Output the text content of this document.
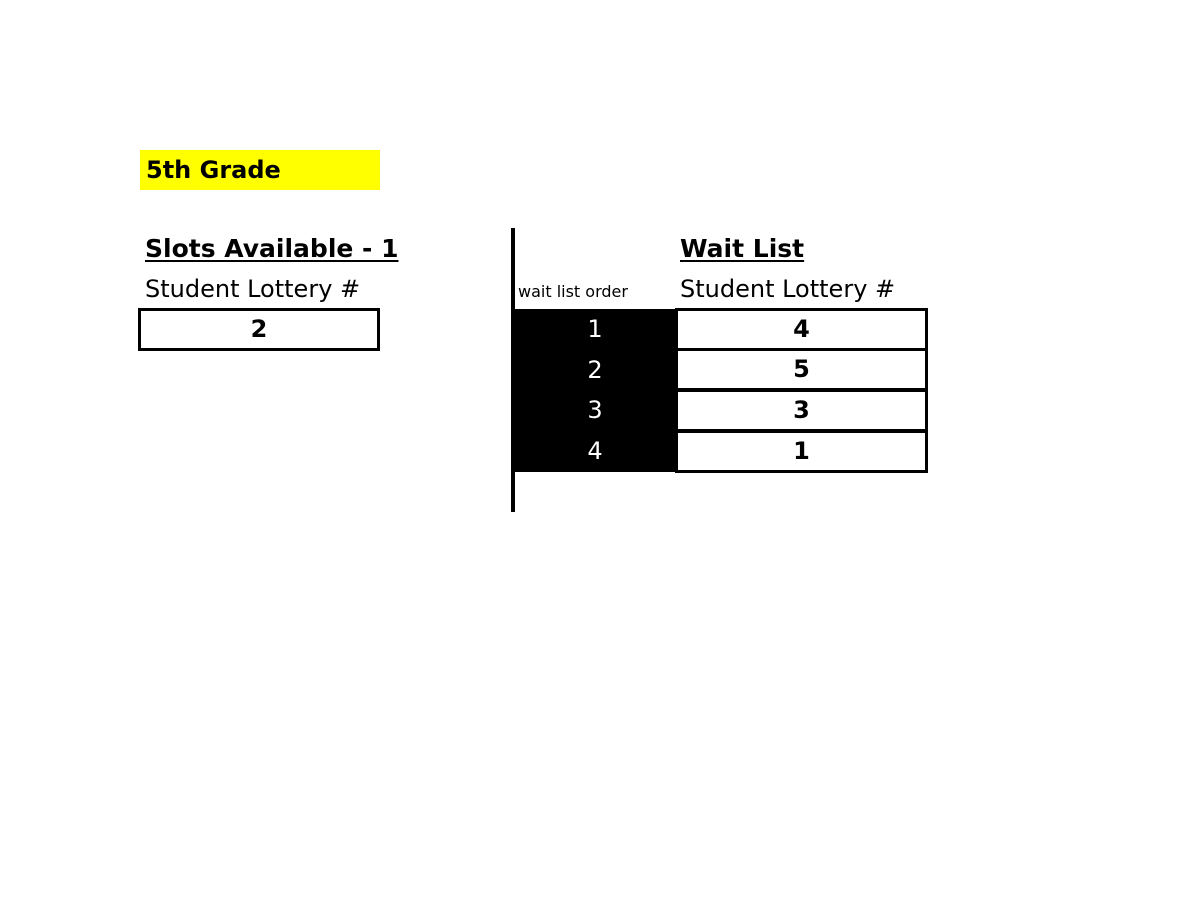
5th Grade
Slots Available - 1
Student Lottery #
2
Wait List
wait list order Student Lottery #
1	4
2	5
3	3
4	1
